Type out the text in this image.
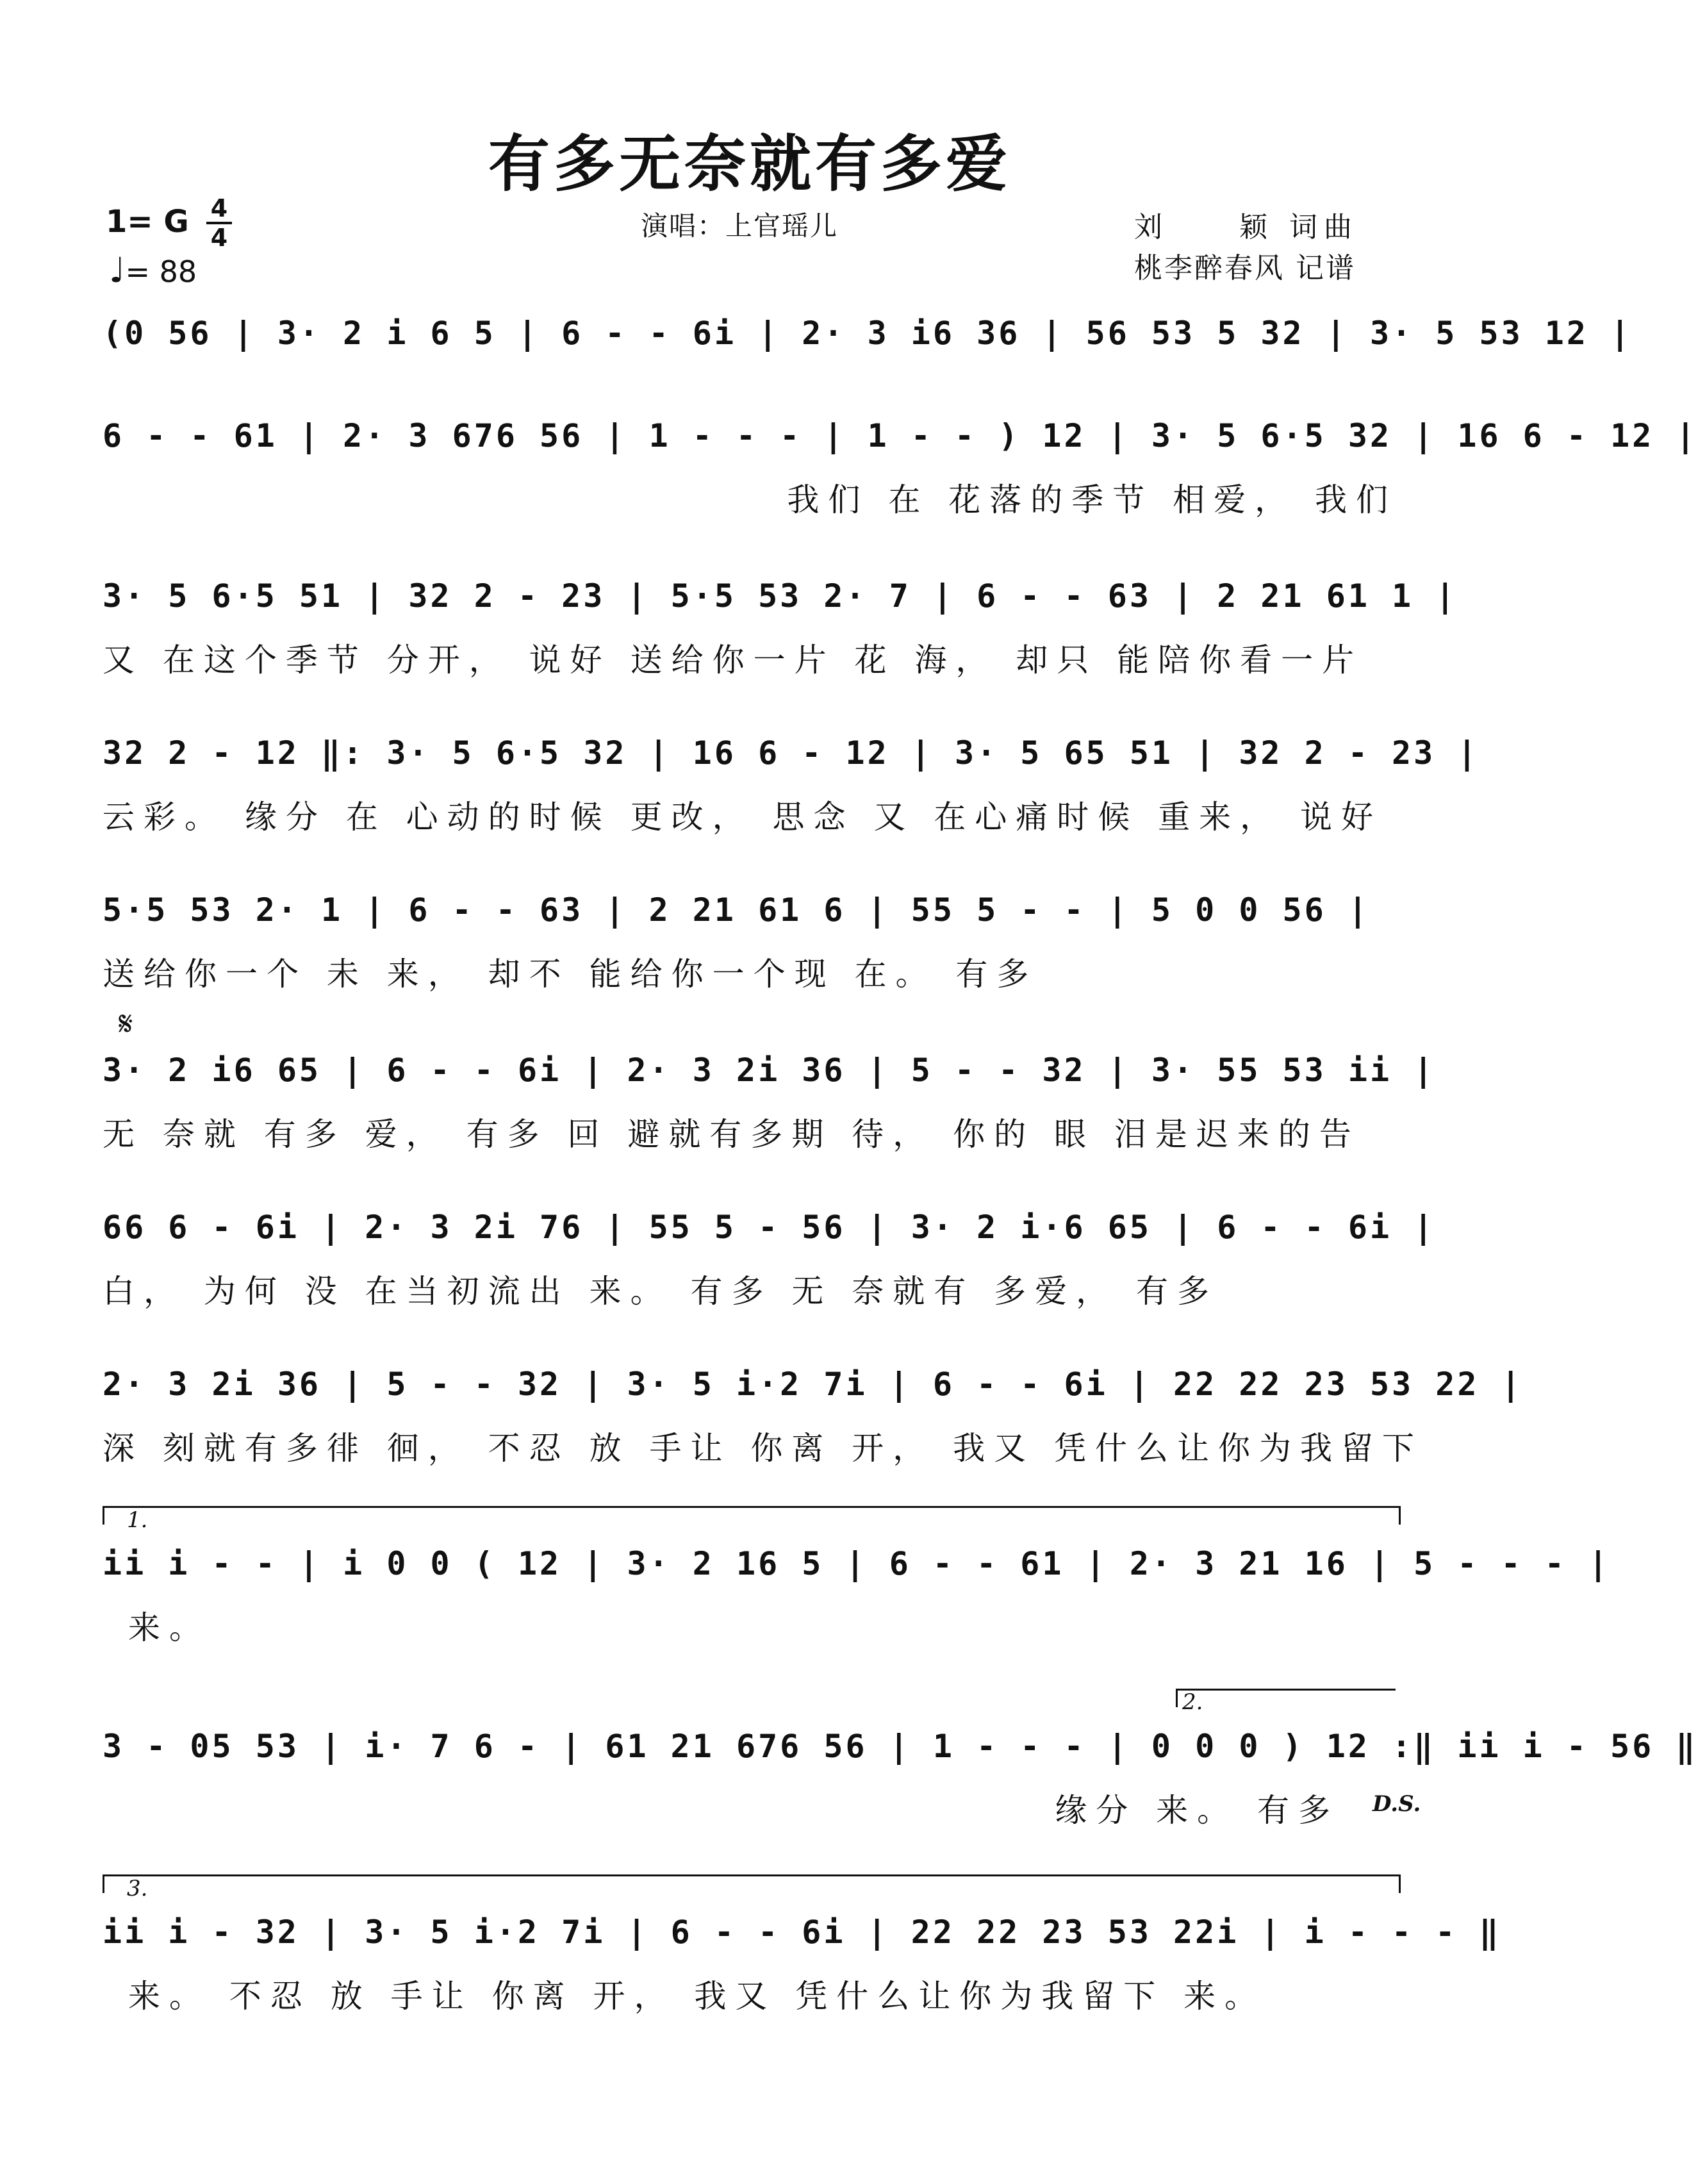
有多无奈就有多爱
演唱：上官瑶儿	刘	颖 词曲
桃李醉春风 记谱
1= G 4
4
♩= 88
(0 56 | 3· 2 i 6 5 | 6 - - 6i | 2· 3 i6 36 | 56 53 5 32 | 3· 5 53 12 |
6 - - 61 | 2· 3 676 56 | 1 - - - | 1 - - ) 12 | 3· 5 6·5 32 | 16 6 - 12 |
我们 在 花落的季节 相爱， 我们
3· 5 6·5 51 | 32 2 - 23 | 5·5 53 2· 7 | 6 - - 63 | 2 21 61 1 |
又 在这个季节 分开， 说好 送给你一片 花 海， 却只 能陪你看一片
32 2 - 12 ‖: 3· 5 6·5 32 | 16 6 - 12 | 3· 5 65 51 | 32 2 - 23 |
云彩。 缘分 在 心动的时候 更改， 思念 又 在心痛时候 重来， 说好
5·5 53 2· 1 | 6 - - 63 | 2 21 61 6 | 55 5 - - | 5 0 0 56 |
送给你一个 未 来， 却不 能给你一个现 在。 有多
𝄋
3· 2 i6 65 | 6 - - 6i | 2· 3 2i 36 | 5 - - 32 | 3· 55 53 ii |
无 奈就 有多 爱， 有多 回 避就有多期 待， 你的 眼 泪是迟来的告
66 6 - 6i | 2· 3 2i 76 | 55 5 - 56 | 3· 2 i·6 65 | 6 - - 6i |
白， 为何 没 在当初流出 来。 有多 无 奈就有 多爱， 有多
2· 3 2i 36 | 5 - - 32 | 3· 5 i·2 7i | 6 - - 6i | 22 22 23 53 22 |
深 刻就有多徘 徊， 不忍 放 手让 你离 开， 我又 凭什么让你为我留下
1.
ii i - - | i 0 0 ( 12 | 3· 2 16 5 | 6 - - 61 | 2· 3 21 16 | 5 - - - |
来。
2.
3 - 05 53 | i· 7 6 - | 61 21 676 56 | 1 - - - | 0 0 0 ) 12 :‖ ii i - 56 ‖
缘分 来。 有多	D.S.
3.
ii i - 32 | 3· 5 i·2 7i | 6 - - 6i | 22 22 23 53 22i | i - - - ‖
来。 不忍 放 手让 你离 开， 我又 凭什么让你为我留下 来。
